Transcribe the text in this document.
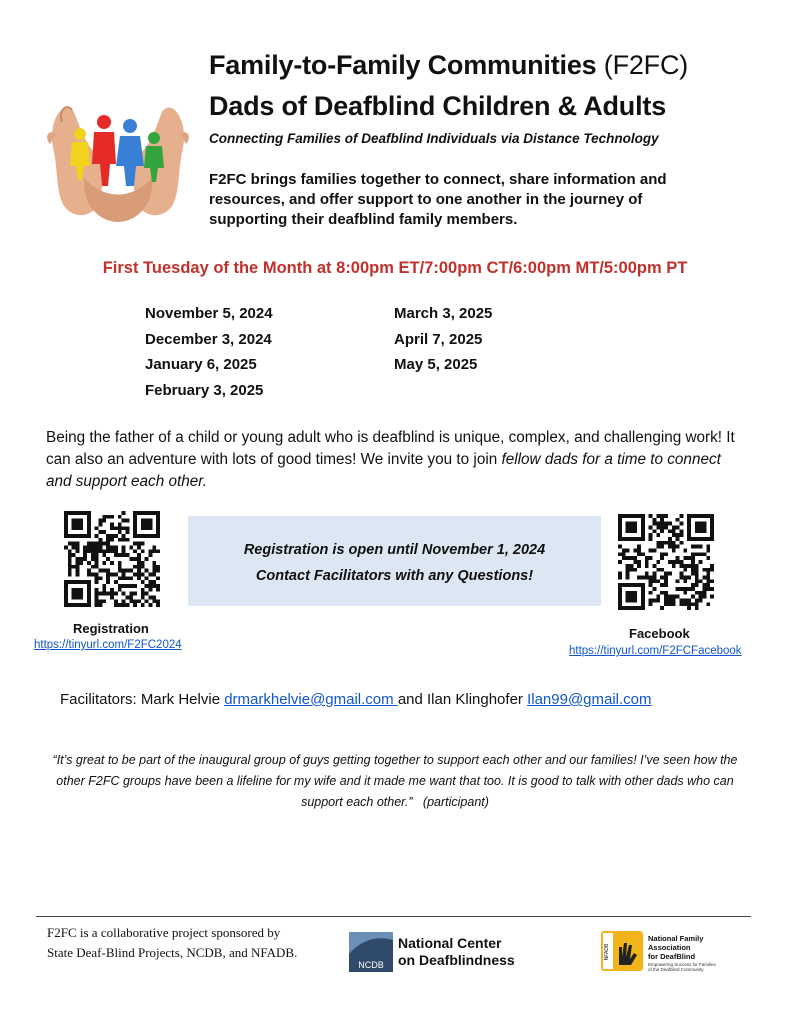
Family-to-Family Communities (F2FC)
Dads of Deafblind Children & Adults
Connecting Families of Deafblind Individuals via Distance Technology
F2FC brings families together to connect, share information and resources, and offer support to one another in the journey of supporting their deafblind family members.
First Tuesday of the Month at 8:00pm ET/7:00pm CT/6:00pm MT/5:00pm PT
November 5, 2024
December 3, 2024
January 6, 2025
February 3, 2025
March 3, 2025
April 7, 2025
May 5, 2025
Being the father of a child or young adult who is deafblind is unique, complex, and challenging work! It can also an adventure with lots of good times! We invite you to join fellow dads for a time to connect and support each other.
Registration is open until November 1, 2024
Contact Facilitators with any Questions!
Registration
https://tinyurl.com/F2FC2024
Facebook
https://tinyurl.com/F2FCFacebook
Facilitators: Mark Helvie drmarkhelvie@gmail.com and Ilan Klinghofer Ilan99@gmail.com
“It’s great to be part of the inaugural group of guys getting together to support each other and our families! I’ve seen how the other F2FC groups have been a lifeline for my wife and it made me want that too. It is good to talk with other dads who can support each other.” (participant)
F2FC is a collaborative project sponsored by
State Deaf-Blind Projects, NCDB, and NFADB.
NCDB
National Center
on Deafblindness	NFADB
National Family
Association
for DeafBlind
Empowering Success for Families
of the Deafblind Community
